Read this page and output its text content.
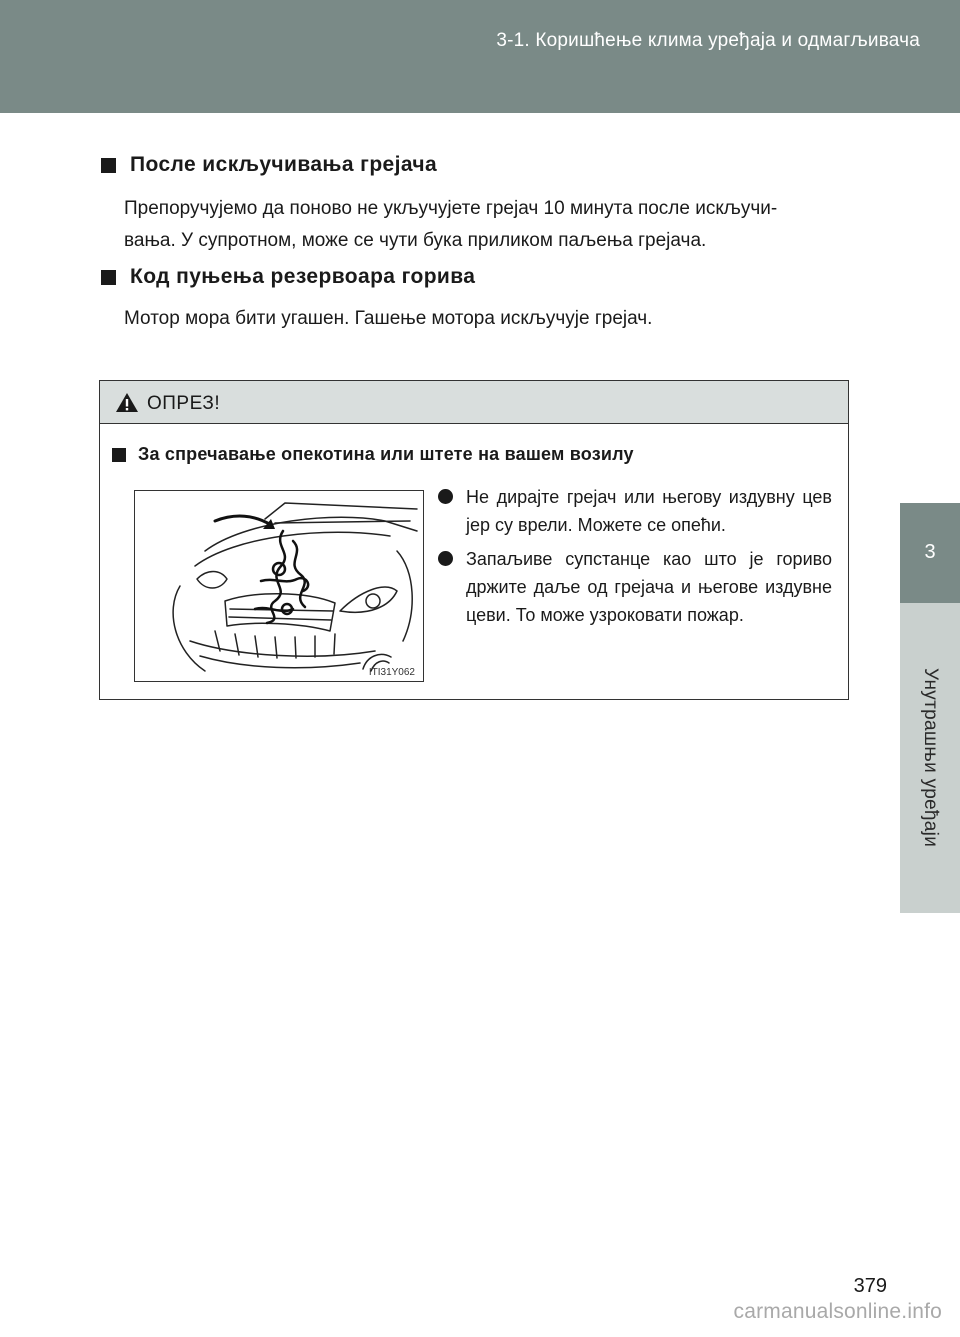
3-1. Коришћење клима уређаја и одмагљивача
3
Унутрашњи уређаји
После искључивања грејача
Препоручујемо да поново не укључујете грејач 10 минута после искључи-
вања. У супротном, може се чути бука приликом паљења грејача.
Код пуњења резервоара горива
Мотор мора бити угашен. Гашење мотора искључује грејач.
ОПРЕЗ!
За спречавање опекотина или штете на вашем возилу
ITI31Y062
Не дирајте грејач или његову издувну цев јер су врели. Можете се опећи.
Запаљиве супстанце као што је гориво држите даље од грејача и његове издувне цеви. То може узроковати пожар.
379
carmanualsonline.info
